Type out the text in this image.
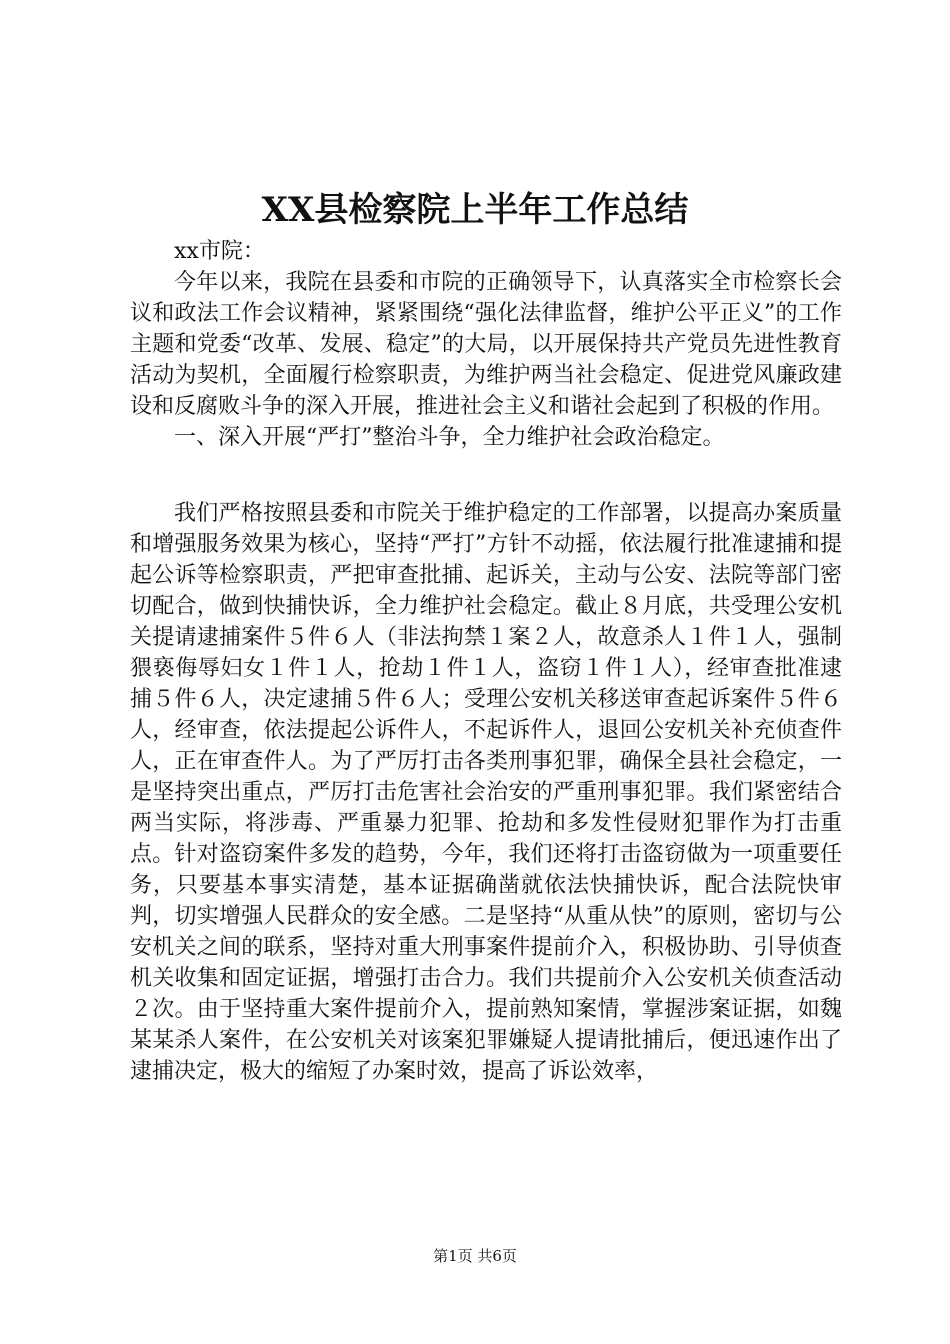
XX县检察院上半年工作总结

xx市院：

今年以来，我院在县委和市院的正确领导下，认真落实全市检察长会议和政法工作会议精神，紧紧围绕“强化法律监督，维护公平正义”的工作主题和党委“改革、发展、稳定”的大局，以开展保持共产党员先进性教育活动为契机，全面履行检察职责，为维护两当社会稳定、促进党风廉政建设和反腐败斗争的深入开展，推进社会主义和谐社会起到了积极的作用。

一、深入开展“严打”整治斗争，全力维护社会政治稳定。

我们严格按照县委和市院关于维护稳定的工作部署，以提高办案质量和增强服务效果为核心，坚持“严打”方针不动摇，依法履行批准逮捕和提起公诉等检察职责，严把审查批捕、起诉关，主动与公安、法院等部门密切配合，做到快捕快诉，全力维护社会稳定。截止８月底，共受理公安机关提请逮捕案件５件６人（非法拘禁１案２人，故意杀人１件１人，强制猥亵侮辱妇女１件１人，抢劫１件１人，盗窃１件１人），经审查批准逮捕５件６人，决定逮捕５件６人；受理公安机关移送审查起诉案件５件６人，经审查，依法提起公诉件人，不起诉件人，退回公安机关补充侦查件人，正在审查件人。为了严厉打击各类刑事犯罪，确保全县社会稳定，一是坚持突出重点，严厉打击危害社会治安的严重刑事犯罪。我们紧密结合两当实际，将涉毒、严重暴力犯罪、抢劫和多发性侵财犯罪作为打击重点。针对盗窃案件多发的趋势，今年，我们还将打击盗窃做为一项重要任务，只要基本事实清楚，基本证据确凿就依法快捕快诉，配合法院快审判，切实增强人民群众的安全感。二是坚持“从重从快”的原则，密切与公安机关之间的联系，坚持对重大刑事案件提前介入，积极协助、引导侦查机关收集和固定证据，增强打击合力。我们共提前介入公安机关侦查活动２次。由于坚持重大案件提前介入，提前熟知案情，掌握涉案证据，如魏某某杀人案件，在公安机关对该案犯罪嫌疑人提请批捕后，便迅速作出了逮捕决定，极大的缩短了办案时效，提高了诉讼效率，

第1页 共6页
